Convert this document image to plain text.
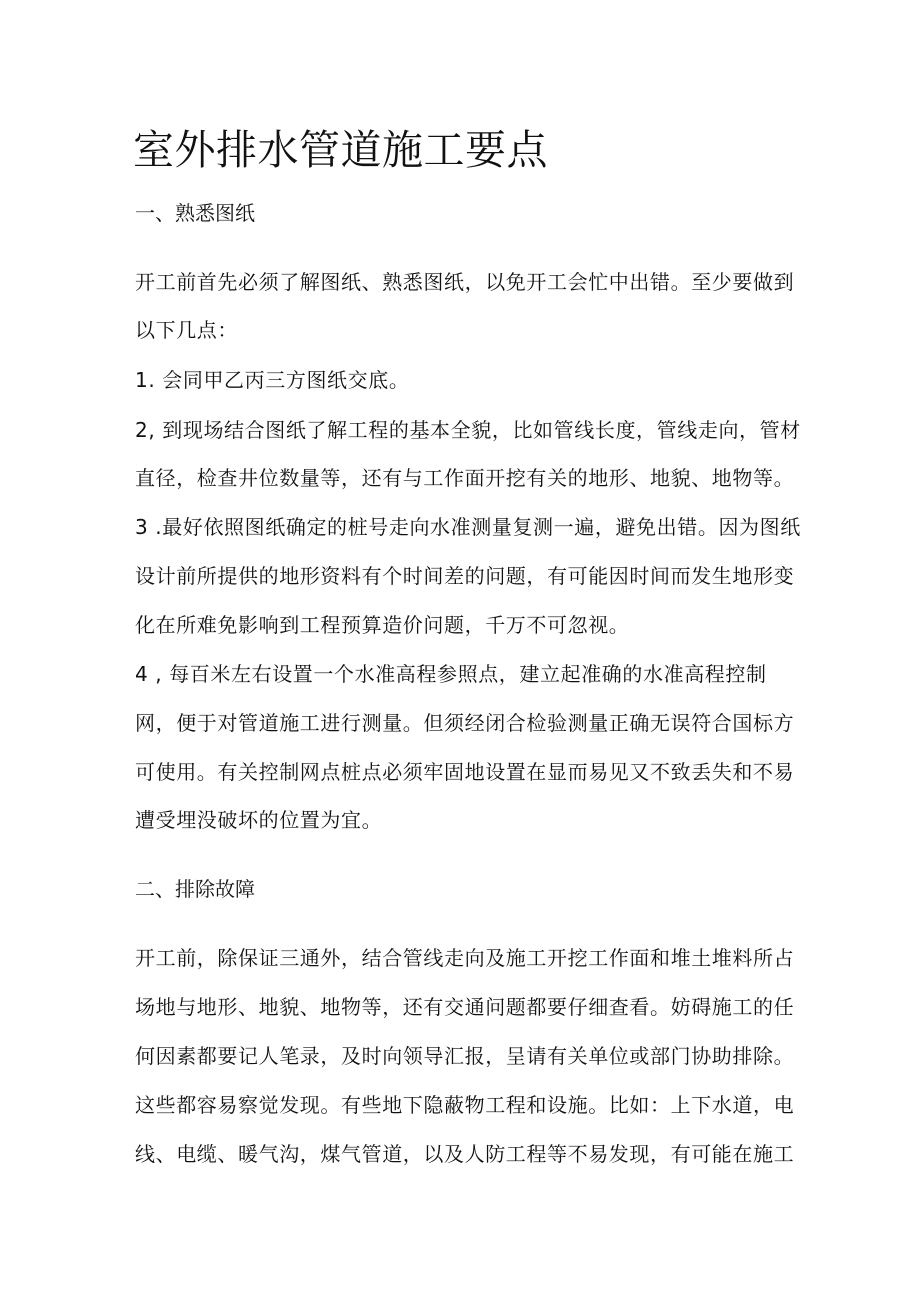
室外排水管道施工要点
一、熟悉图纸
开工前首先必须了解图纸、熟悉图纸，以免开工会忙中出错。至少要做到
以下几点：
1. 会同甲乙丙三方图纸交底。
2, 到现场结合图纸了解工程的基本全貌，比如管线长度，管线走向，管材
直径，检查井位数量等，还有与工作面开挖有关的地形、地貌、地物等。
3 .最好依照图纸确定的桩号走向水准测量复测一遍，避免出错。因为图纸
设计前所提供的地形资料有个时间差的问题，有可能因时间而发生地形变
化在所难免影响到工程预算造价问题，千万不可忽视。
4 , 每百米左右设置一个水准高程参照点，建立起准确的水准高程控制
网，便于对管道施工进行测量。但须经闭合检验测量正确无误符合国标方
可使用。有关控制网点桩点必须牢固地设置在显而易见又不致丢失和不易
遭受埋没破坏的位置为宜。
二、排除故障
开工前，除保证三通外，结合管线走向及施工开挖工作面和堆土堆料所占
场地与地形、地貌、地物等，还有交通问题都要仔细查看。妨碍施工的任
何因素都要记人笔录，及时向领导汇报，呈请有关单位或部门协助排除。
这些都容易察觉发现。有些地下隐蔽物工程和设施。比如：上下水道，电
线、电缆、暖气沟，煤气管道，以及人防工程等不易发现，有可能在施工
